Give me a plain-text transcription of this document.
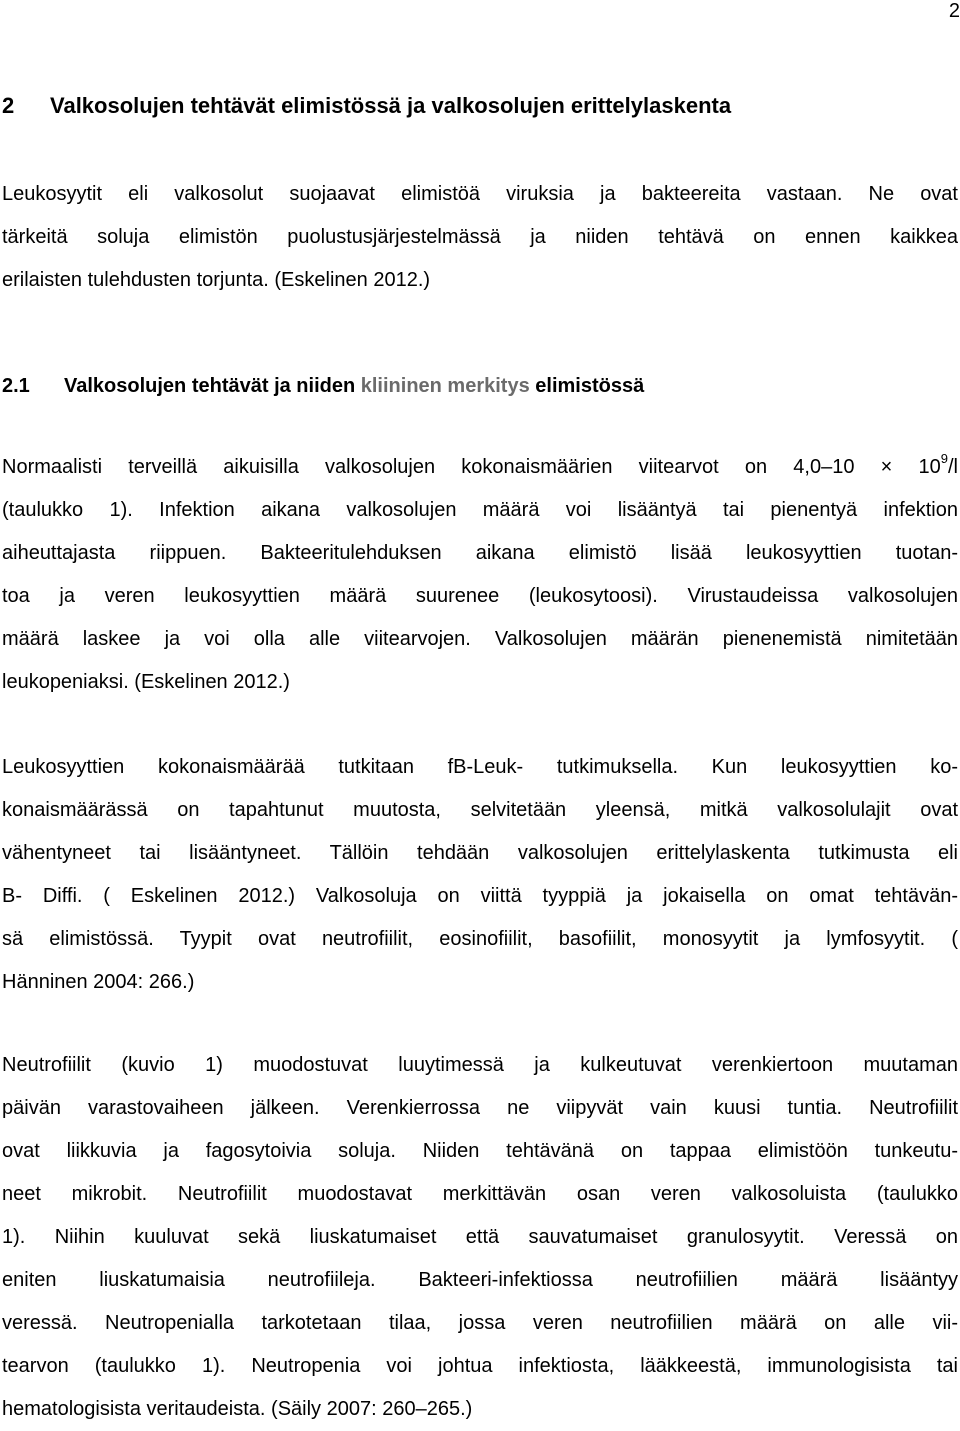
2
2 Valkosolujen tehtävät elimistössä ja valkosolujen erittelylaskenta
Leukosyytit eli valkosolut suojaavat elimistöä viruksia ja bakteereita vastaan. Ne ovat
tärkeitä soluja elimistön puolustusjärjestelmässä ja niiden tehtävä on ennen kaikkea
erilaisten tulehdusten torjunta. (Eskelinen 2012.)
2.1 Valkosolujen tehtävät ja niiden kliininen merkitys elimistössä
Normaalisti terveillä aikuisilla valkosolujen kokonaismäärien viitearvot on $4,0-10 \times 10^9/l$
(taulukko 1). Infektion aikana valkosolujen määrä voi lisääntyä tai pienentyä infektion
aiheuttajasta riippuen. Bakteeritulehduksen aikana elimistö lisää leukosyyttien tuotan-
toa ja veren leukosyyttien määrä suurenee (leukosytoosi). Virustaudeissa valkosolujen
määrä laskee ja voi olla alle viitearvojen. Valkosolujen määrän pienenemistä nimitetään
leukopeniaksi. (Eskelinen 2012.)
Leukosyyttien kokonaismäärää tutkitaan fB-Leuk- tutkimuksella. Kun leukosyyttien ko-
konaismäärässä on tapahtunut muutosta, selvitetään yleensä, mitkä valkosolulajit ovat
vähentyneet tai lisääntyneet. Tällöin tehdään valkosolujen erittelylaskenta tutkimusta eli
B- Diffi. ( Eskelinen 2012.) Valkosoluja on viittä tyyppiä ja jokaisella on omat tehtävän-
sä elimistössä. Tyypit ovat neutrofiilit, eosinofiilit, basofiilit, monosyytit ja lymfosyytit. (
Hänninen 2004: 266.)
Neutrofiilit (kuvio 1) muodostuvat luuytimessä ja kulkeutuvat verenkiertoon muutaman
päivän varastovaiheen jälkeen. Verenkierrossa ne viipyvät vain kuusi tuntia. Neutrofiilit
ovat liikkuvia ja fagosytoivia soluja. Niiden tehtävänä on tappaa elimistöön tunkeutu-
neet mikrobit. Neutrofiilit muodostavat merkittävän osan veren valkosoluista (taulukko
1). Niihin kuuluvat sekä liuskatumaiset että sauvatumaiset granulosyytit. Veressä on
eniten liuskatumaisia neutrofiileja. Bakteeri-infektiossa neutrofiilien määrä lisääntyy
veressä. Neutropenialla tarkotetaan tilaa, jossa veren neutrofiilien määrä on alle vii-
tearvon (taulukko 1). Neutropenia voi johtua infektiosta, lääkkeestä, immunologisista tai
hematologisista veritaudeista. (Säily 2007: 260–265.)
